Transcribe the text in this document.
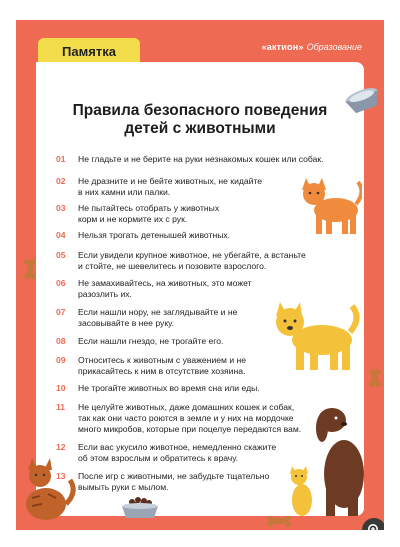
Памятка	«актион» Образование
Правила безопасного поведения
детей с животными
01	Не гладьте и не берите на руки незнакомых кошек или собак.
02	Не дразните и не бейте животных, не кидайте
в них камни или палки.
03	Не пытайтесь отобрать у животных
корм и не кормите их с рук.
04	Нельзя трогать детенышей животных.
05	Если увидели крупное животное, не убегайте, а встаньте
и стойте, не шевелитесь и позовите взрослого.
06	Не замахивайтесь, на животных, это может
разозлить их.
07	Если нашли нору, не заглядывайте и не
засовывайте в нее руку.
08	Если нашли гнездо, не трогайте его.
09	Относитесь к животным с уважением и не
прикасайтесь к ним в отсутствие хозяина.
10	Не трогайте животных во время сна или еды.
11	Не целуйте животных, даже домашних кошек и собак,
так как они часто роются в земле и у них на мордочке
много микробов, которые при поцелуе передаются вам.
12	Если вас укусило животное, немедленно скажите
об этом взрослым и обратитесь к врачу.
13	После игр с животными, не забудьте тщательно
вымыть руки с мылом.
